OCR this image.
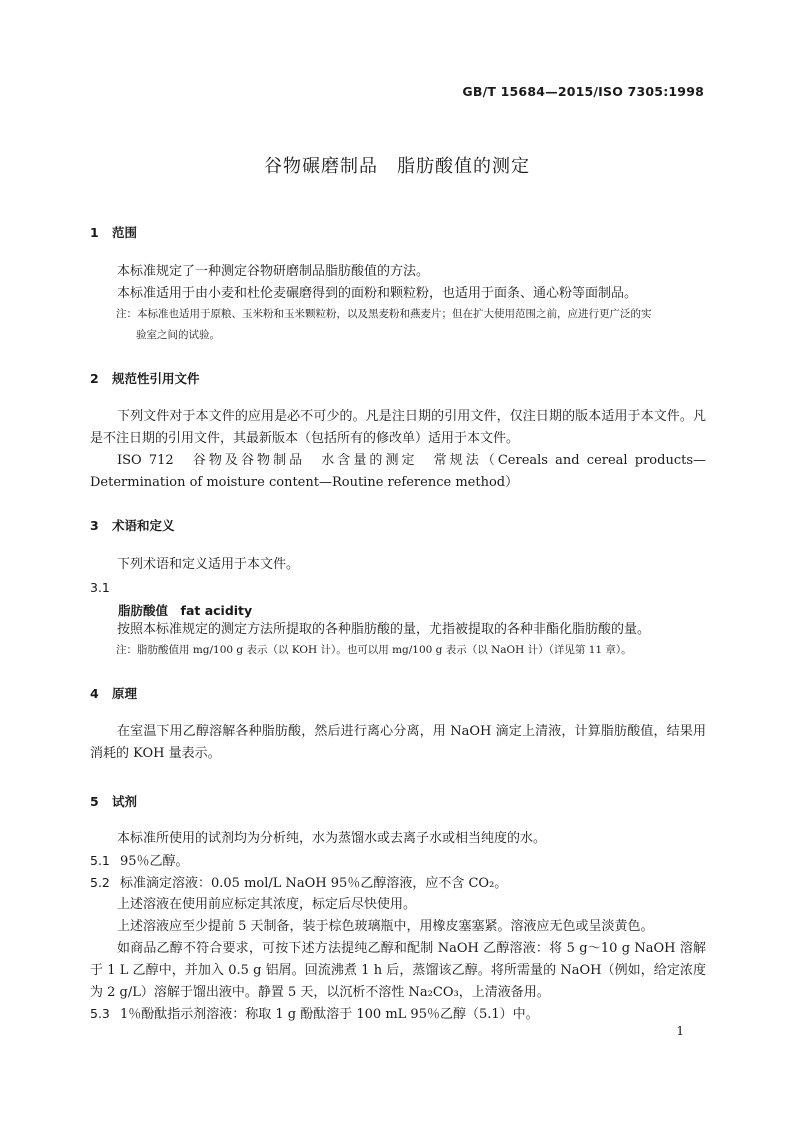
GB/T 15684—2015/ISO 7305:1998
谷物碾磨制品　脂肪酸值的测定
1 范围
本标准规定了一种测定谷物研磨制品脂肪酸值的方法。
本标准适用于由小麦和杜伦麦碾磨得到的面粉和颗粒粉，也适用于面条、通心粉等面制品。
注：本标准也适用于原粮、玉米粉和玉米颗粒粉，以及黑麦粉和燕麦片；但在扩大使用范围之前，应进行更广泛的实
验室之间的试验。
2 规范性引用文件
下列文件对于本文件的应用是必不可少的。凡是注日期的引用文件，仅注日期的版本适用于本文件。凡是不注日期的引用文件，其最新版本（包括所有的修改单）适用于本文件。
ISO 712　谷物及谷物制品　水含量的测定　常规法（Cereals and cereal products—Determination of moisture content—Routine reference method）
3 术语和定义
下列术语和定义适用于本文件。
3.1
脂肪酸值　fat acidity
按照本标准规定的测定方法所提取的各种脂肪酸的量，尤指被提取的各种非酯化脂肪酸的量。
注：脂肪酸值用 mg/100 g 表示（以 KOH 计）。也可以用 mg/100 g 表示（以 NaOH 计）（详见第 11 章）。
4 原理
在室温下用乙醇溶解各种脂肪酸，然后进行离心分离，用 NaOH 滴定上清液，计算脂肪酸值，结果用消耗的 KOH 量表示。
5 试剂
本标准所使用的试剂均为分析纯，水为蒸馏水或去离子水或相当纯度的水。
5.1 95％乙醇。
5.2 标准滴定溶液：0.05 mol/L NaOH 95％乙醇溶液，应不含 CO₂。
上述溶液在使用前应标定其浓度，标定后尽快使用。
上述溶液应至少提前 5 天制备，装于棕色玻璃瓶中，用橡皮塞塞紧。溶液应无色或呈淡黄色。
如商品乙醇不符合要求，可按下述方法提纯乙醇和配制 NaOH 乙醇溶液：将 5 g～10 g NaOH 溶解于 1 L 乙醇中，并加入 0.5 g 铝屑。回流沸煮 1 h 后，蒸馏该乙醇。将所需量的 NaOH（例如，给定浓度为 2 g/L）溶解于馏出液中。静置 5 天，以沉析不溶性 Na₂CO₃，上清液备用。
5.3 1％酚酞指示剂溶液：称取 1 g 酚酞溶于 100 mL 95％乙醇（5.1）中。
1
